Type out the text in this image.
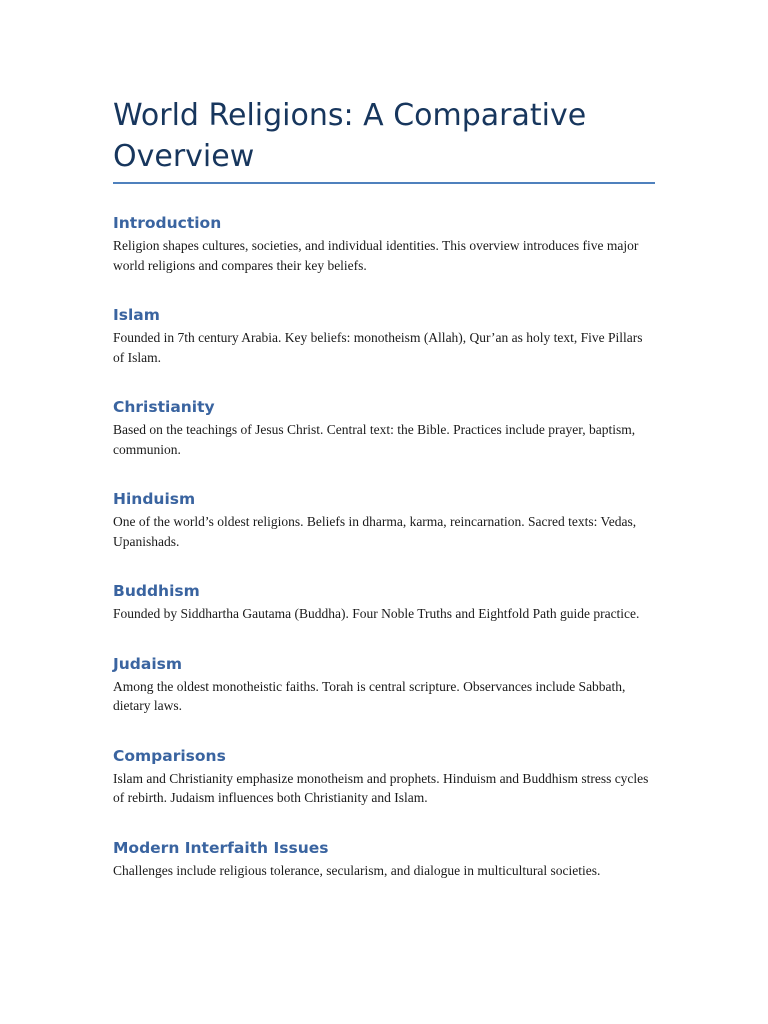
World Religions: A Comparative Overview
Introduction

Religion shapes cultures, societies, and individual identities. This overview introduces five major world religions and compares their key beliefs.

Islam

Founded in 7th century Arabia. Key beliefs: monotheism (Allah), Qur’an as holy text, Five Pillars of Islam.

Christianity

Based on the teachings of Jesus Christ. Central text: the Bible. Practices include prayer, baptism, communion.

Hinduism

One of the world’s oldest religions. Beliefs in dharma, karma, reincarnation. Sacred texts: Vedas, Upanishads.

Buddhism

Founded by Siddhartha Gautama (Buddha). Four Noble Truths and Eightfold Path guide practice.

Judaism

Among the oldest monotheistic faiths. Torah is central scripture. Observances include Sabbath, dietary laws.

Comparisons

Islam and Christianity emphasize monotheism and prophets. Hinduism and Buddhism stress cycles of rebirth. Judaism influences both Christianity and Islam.

Modern Interfaith Issues

Challenges include religious tolerance, secularism, and dialogue in multicultural societies.
